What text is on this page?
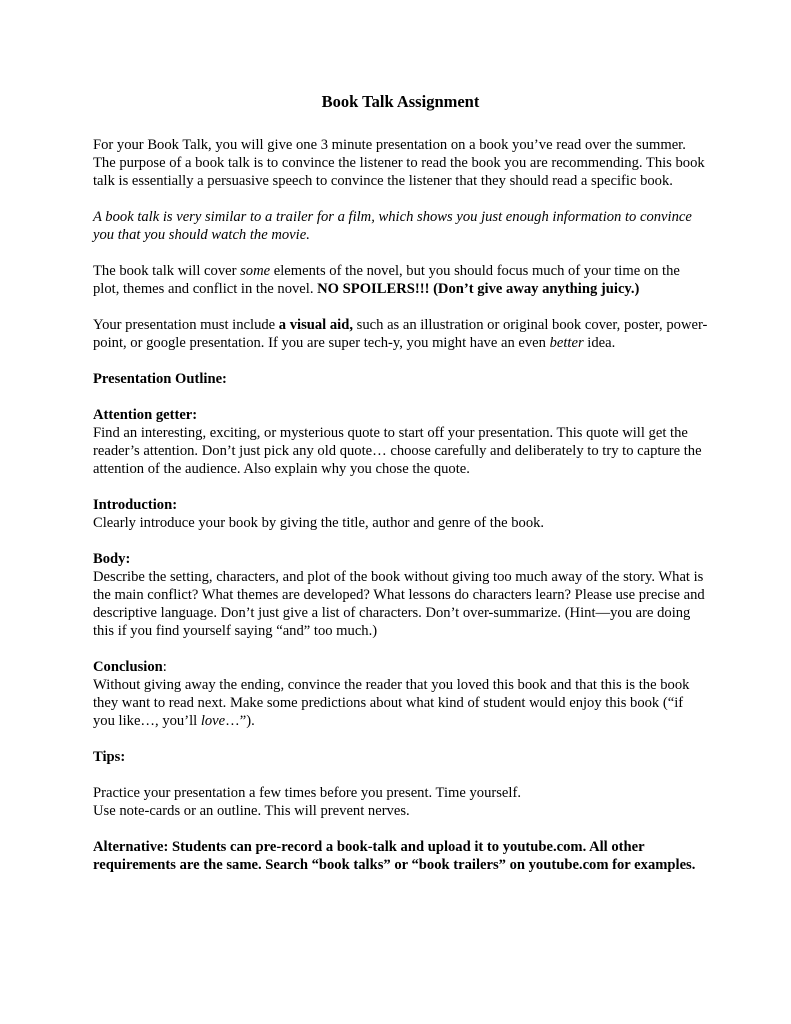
Book Talk Assignment

For your Book Talk, you will give one 3 minute presentation on a book you’ve read over the summer. The purpose of a book talk is to convince the listener to read the book you are recommending. This book talk is essentially a persuasive speech to convince the listener that they should read a specific book.

A book talk is very similar to a trailer for a film, which shows you just enough information to convince you that you should watch the movie.

The book talk will cover some elements of the novel, but you should focus much of your time on the plot, themes and conflict in the novel. NO SPOILERS!!! (Don’t give away anything juicy.)

Your presentation must include a visual aid, such as an illustration or original book cover, poster, power-point, or google presentation. If you are super tech-y, you might have an even better idea.

Presentation Outline:

Attention getter:
Find an interesting, exciting, or mysterious quote to start off your presentation. This quote will get the reader’s attention. Don’t just pick any old quote… choose carefully and deliberately to try to capture the attention of the audience. Also explain why you chose the quote.
Introduction:
Clearly introduce your book by giving the title, author and genre of the book.
Body:
Describe the setting, characters, and plot of the book without giving too much away of the story. What is the main conflict? What themes are developed? What lessons do characters learn? Please use precise and descriptive language. Don’t just give a list of characters. Don’t over-summarize. (Hint—you are doing this if you find yourself saying “and” too much.)
Conclusion:
Without giving away the ending, convince the reader that you loved this book and that this is the book they want to read next. Make some predictions about what kind of student would enjoy this book (“if you like…, you’ll love…”).
Tips:
Practice your presentation a few times before you present. Time yourself.
Use note-cards or an outline. This will prevent nerves.

Alternative: Students can pre-record a book-talk and upload it to youtube.com. All other requirements are the same. Search “book talks” or “book trailers” on youtube.com for examples.
